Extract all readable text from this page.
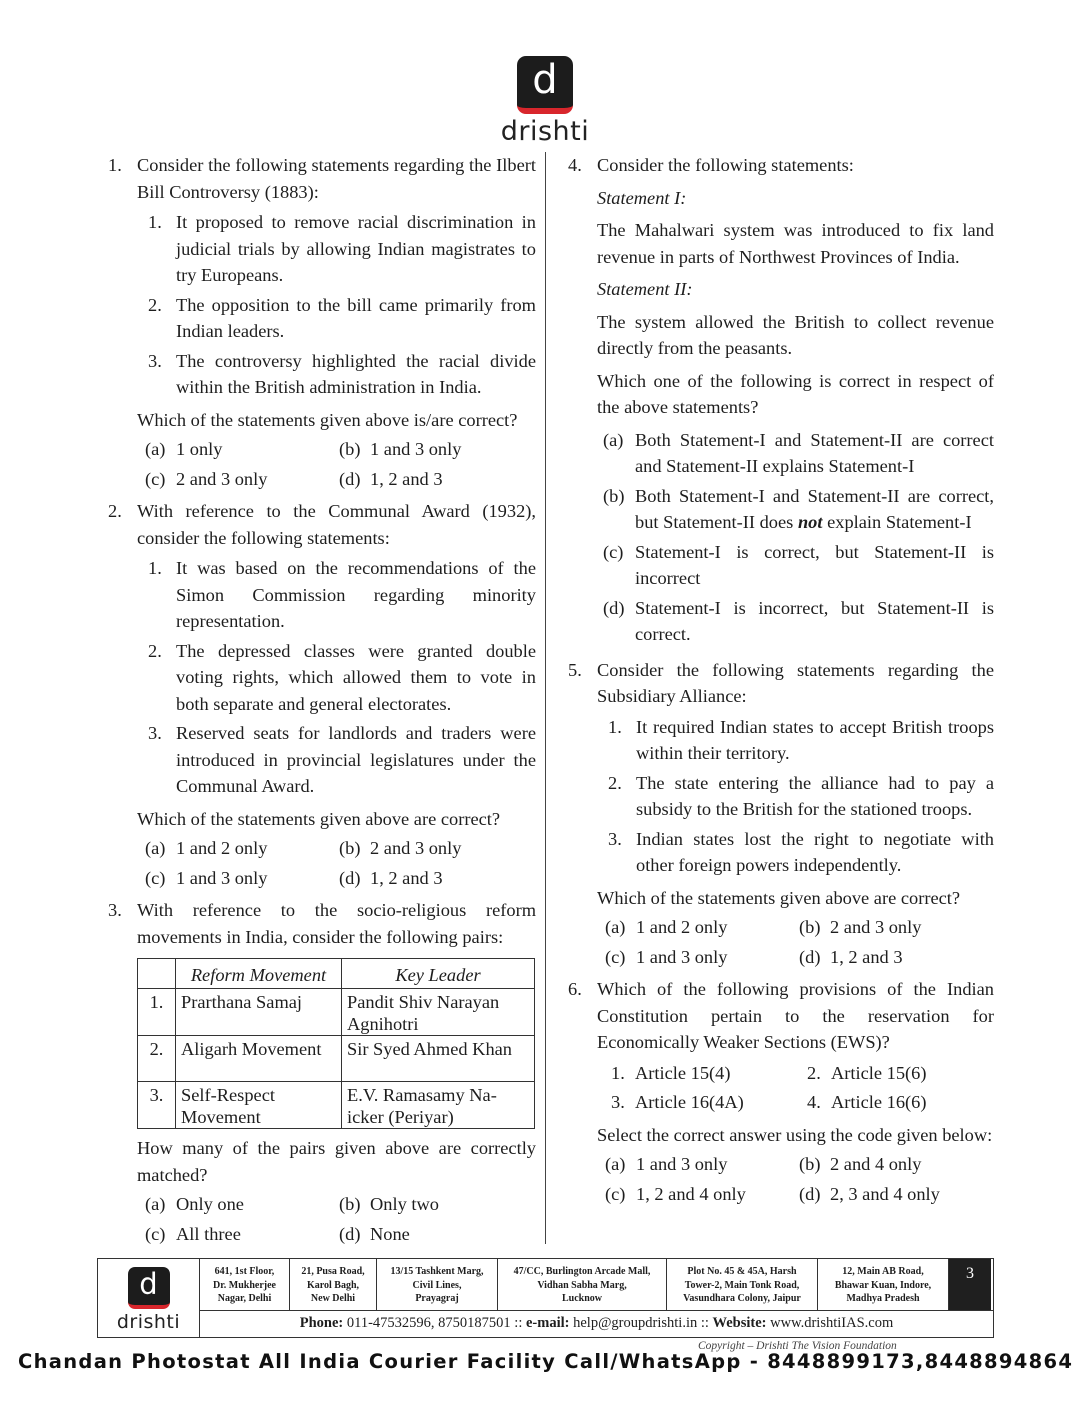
d
drishti
1. Consider the following statements regarding the Ilbert Bill Controversy (1883):

1. It proposed to remove racial discrimination in judicial trials by allowing Indian magistrates to try Europeans.
2. The opposition to the bill came primarily from Indian leaders.
3. The controversy highlighted the racial divide within the British administration in India.

Which of the statements given above is/are correct?

(a) 1 only	(b) 1 and 3 only
(c) 2 and 3 only	(d) 1, 2 and 3
2. With reference to the Communal Award (1932), consider the following statements:

1. It was based on the recommendations of the Simon Commission regarding minority representation.
2. The depressed classes were granted double voting rights, which allowed them to vote in both separate and general electorates.
3. Reserved seats for landlords and traders were introduced in provincial legislatures under the Communal Award.

Which of the statements given above are correct?

(a) 1 and 2 only	(b) 2 and 3 only
(c) 1 and 3 only	(d) 1, 2 and 3
3. With reference to the socio-religious reform movements in India, consider the following pairs:

	Reform Movement	Key Leader
1.	Prarthana Samaj	Pandit Shiv Narayan Agnihotri
2.	Aligarh Movement	Sir Syed Ahmed Khan
3.	Self-Respect Movement	E.V. Ramasamy Na-icker (Periyar)

How many of the pairs given above are correctly matched?

(a) Only one	(b) Only two
(c) All three	(d) None
4. Consider the following statements:

Statement I:

The Mahalwari system was introduced to fix land revenue in parts of Northwest Provinces of India.

Statement II:

The system allowed the British to collect revenue directly from the peasants.

Which one of the following is correct in respect of the above statements?

(a) Both Statement-I and Statement-II are correct and Statement-II explains Statement-I
(b) Both Statement-I and Statement-II are correct, but Statement-II does not explain Statement-I
(c) Statement-I is correct, but Statement-II is incorrect
(d) Statement-I is incorrect, but Statement-II is correct.
5. Consider the following statements regarding the Subsidiary Alliance:

1. It required Indian states to accept British troops within their territory.
2. The state entering the alliance had to pay a subsidy to the British for the stationed troops.
3. Indian states lost the right to negotiate with other foreign powers independently.

Which of the statements given above are correct?

(a) 1 and 2 only	(b) 2 and 3 only
(c) 1 and 3 only	(d) 1, 2 and 3
6. Which of the following provisions of the Indian Constitution pertain to the reservation for Economically Weaker Sections (EWS)?

1. Article 15(4)	2. Article 15(6)
3. Article 16(4A)	4. Article 16(6)

Select the correct answer using the code given below:

(a) 1 and 3 only	(b) 2 and 4 only
(c) 1, 2 and 4 only	(d) 2, 3 and 4 only
d
drishti
641, 1st Floor,
Dr. Mukherjee
Nagar, Delhi
21, Pusa Road,
Karol Bagh,
New Delhi
13/15 Tashkent Marg,
Civil Lines,
Prayagraj
47/CC, Burlington Arcade Mall,
Vidhan Sabha Marg,
Lucknow
Plot No. 45 & 45A, Harsh
Tower-2, Main Tonk Road,
Vasundhara Colony, Jaipur
12, Main AB Road,
Bhawar Kuan, Indore,
Madhya Pradesh
3
Phone: 011-47532596, 8750187501 :: e-mail: help@groupdrishti.in :: Website: www.drishtiIAS.com
Copyright – Drishti The Vision Foundation
Chandan Photostat All India Courier Facility Call/WhatsApp - 8448899173,8448894864
